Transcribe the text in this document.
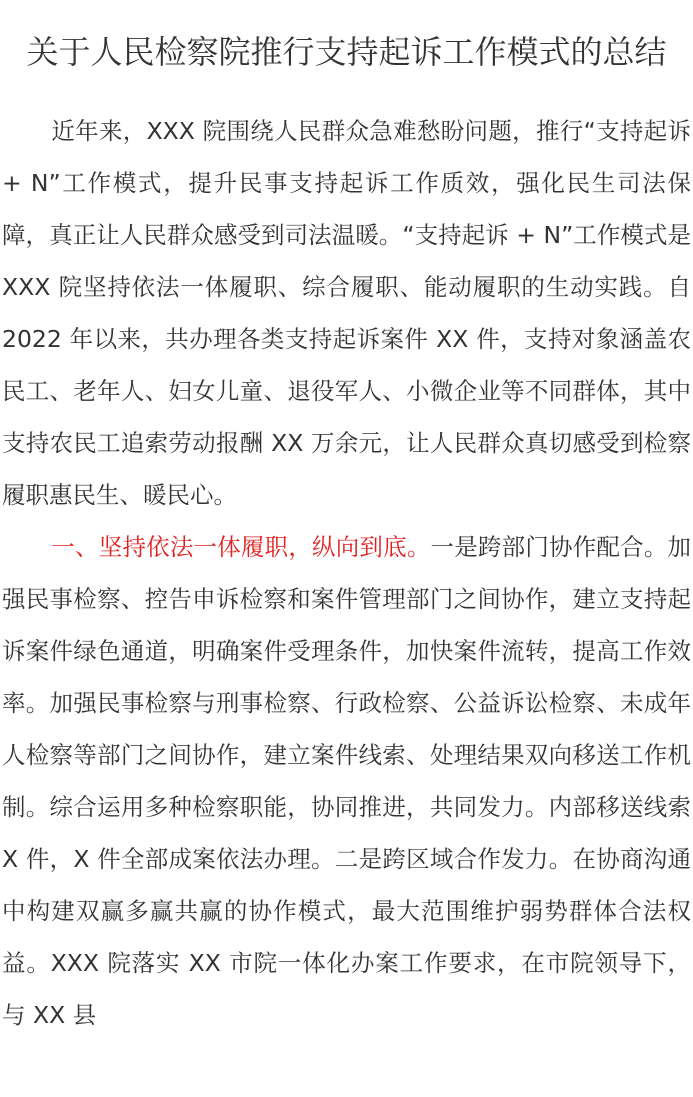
关于人民检察院推行支持起诉工作模式的总结

近年来，XXX 院围绕人民群众急难愁盼问题，推行“支持起诉 + N”工作模式，提升民事支持起诉工作质效，强化民生司法保障，真正让人民群众感受到司法温暖。“支持起诉 + N”工作模式是 XXX 院坚持依法一体履职、综合履职、能动履职的生动实践。自 2022 年以来，共办理各类支持起诉案件 XX 件，支持对象涵盖农民工、老年人、妇女儿童、退役军人、小微企业等不同群体，其中支持农民工追索劳动报酬 XX 万余元，让人民群众真切感受到检察履职惠民生、暖民心。

一、坚持依法一体履职，纵向到底。一是跨部门协作配合。加强民事检察、控告申诉检察和案件管理部门之间协作，建立支持起诉案件绿色通道，明确案件受理条件，加快案件流转，提高工作效率。加强民事检察与刑事检察、行政检察、公益诉讼检察、未成年人检察等部门之间协作，建立案件线索、处理结果双向移送工作机制。综合运用多种检察职能，协同推进，共同发力。内部移送线索 X 件，X 件全部成案依法办理。二是跨区域合作发力。在协商沟通中构建双赢多赢共赢的协作模式，最大范围维护弱势群体合法权益。XXX 院落实 XX 市院一体化办案工作要求，在市院领导下，与 XX 县
